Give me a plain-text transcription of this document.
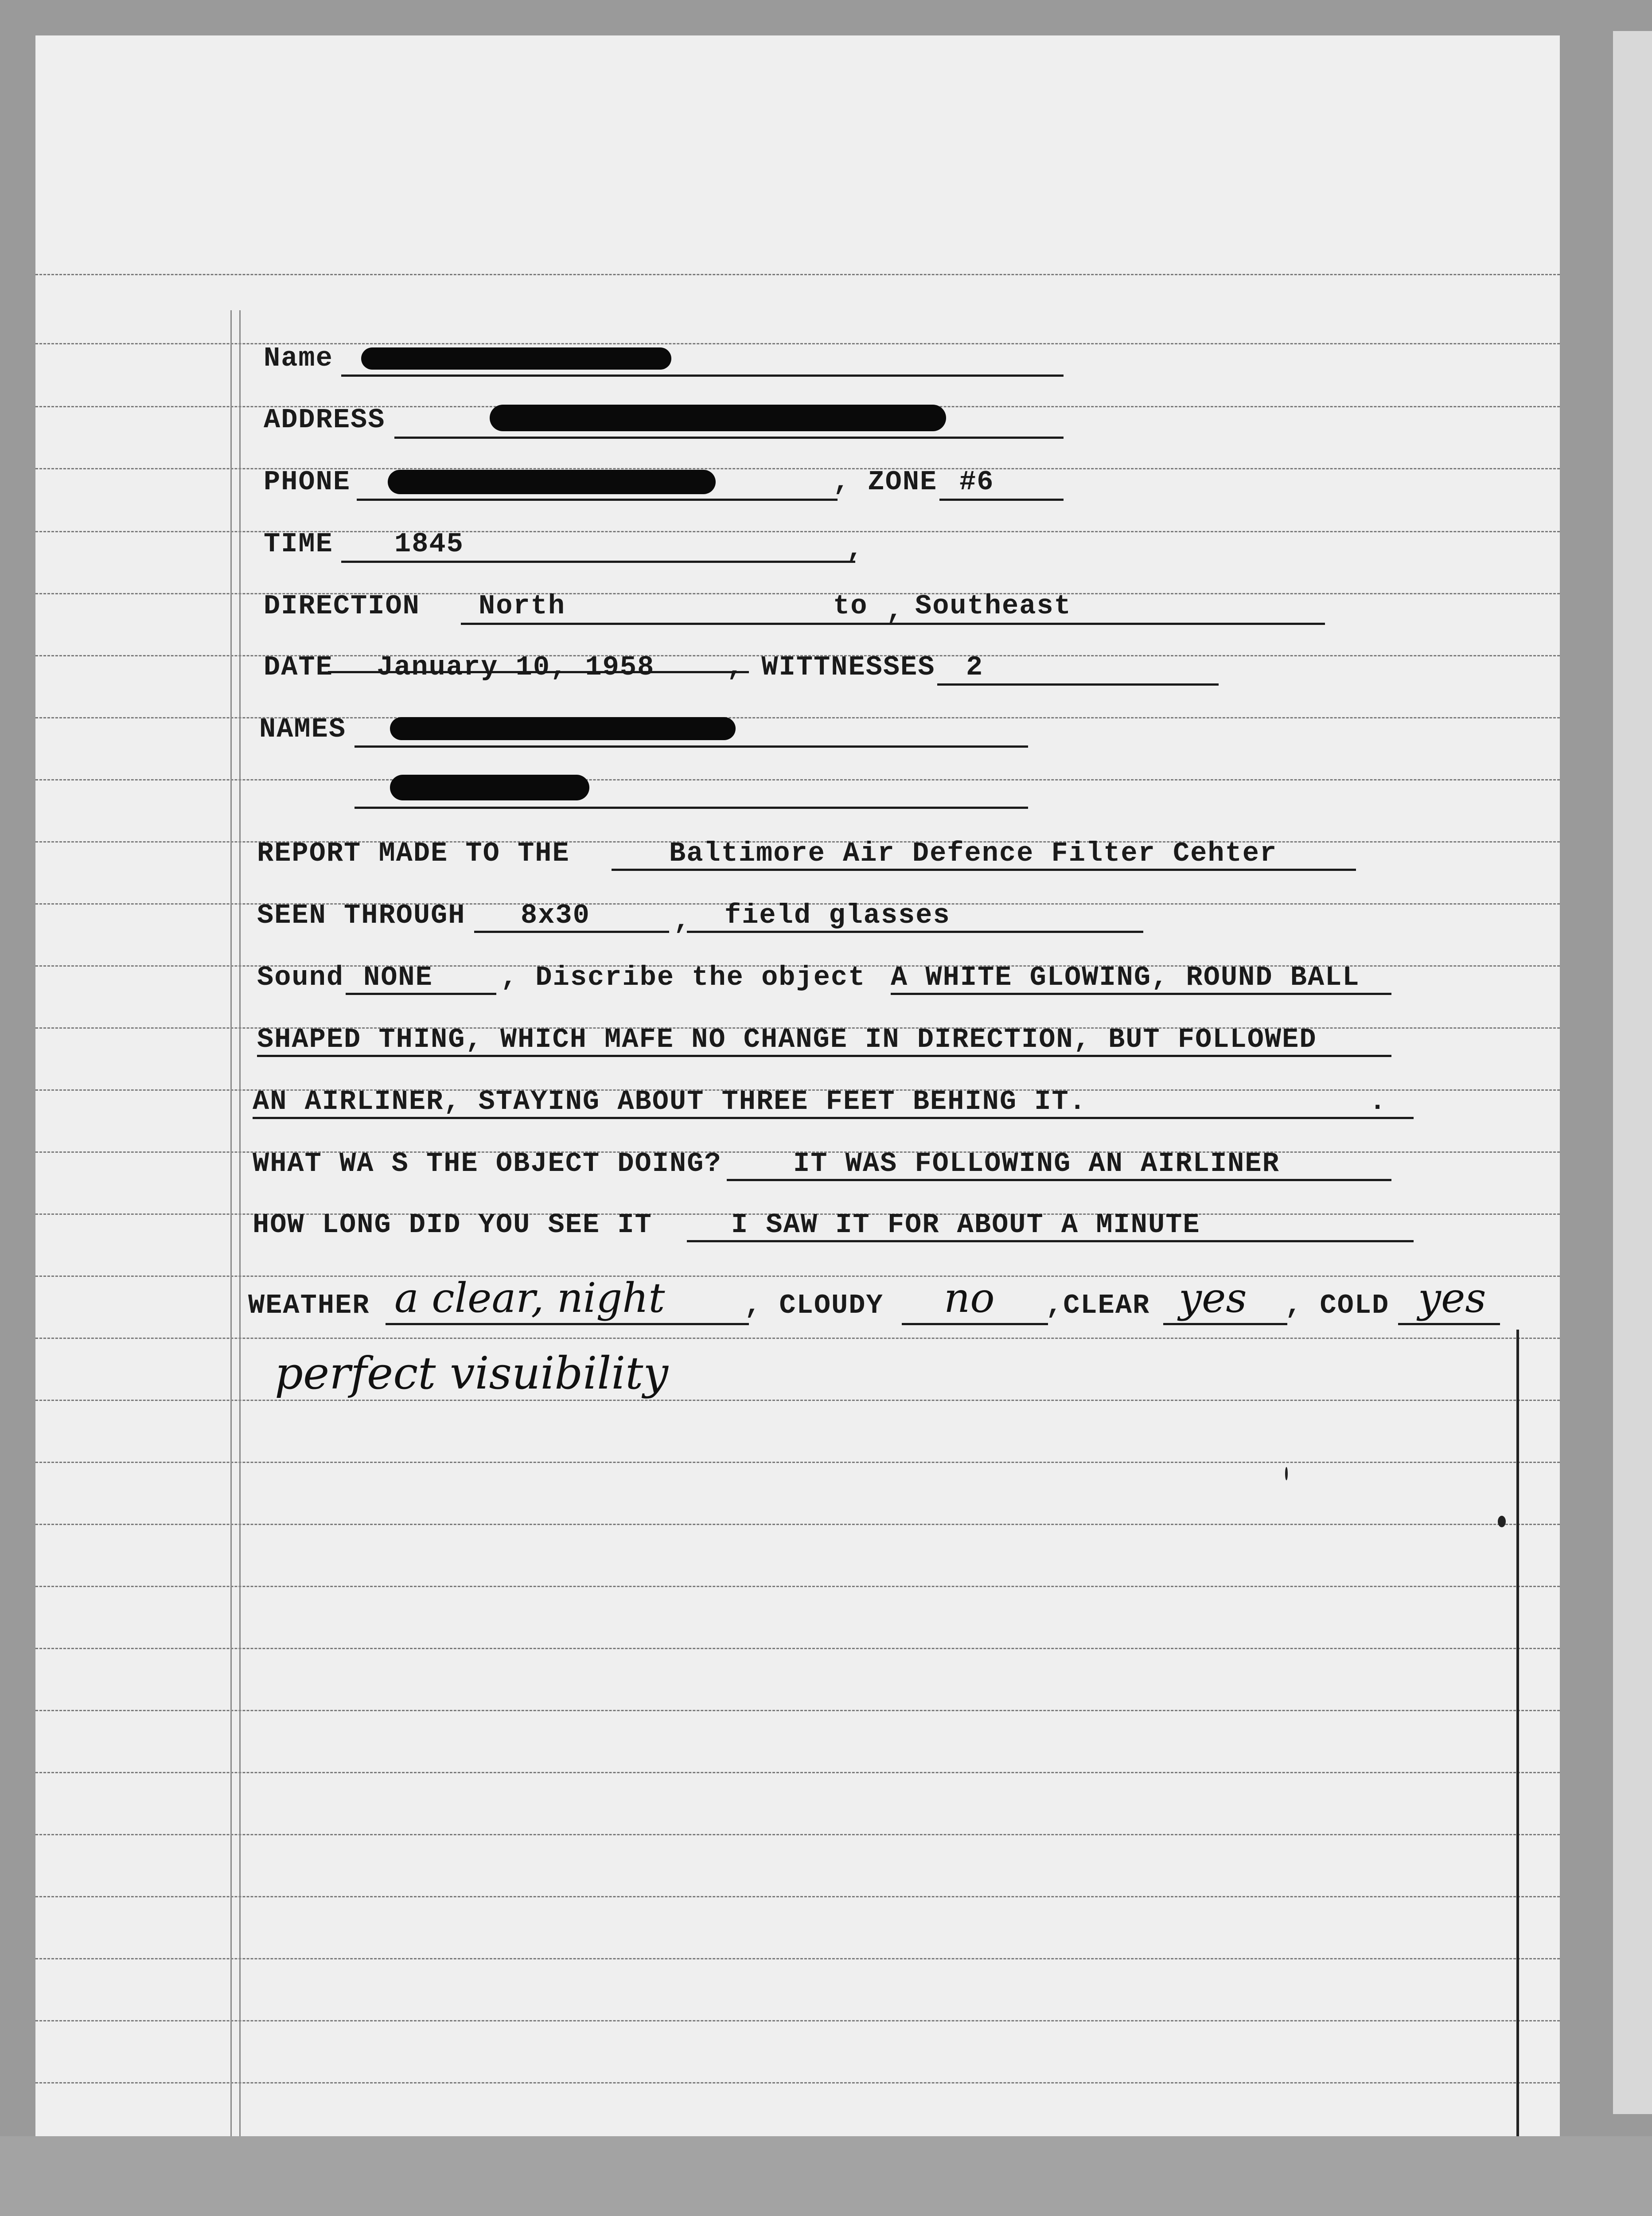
Name
ADDRESS
PHONE	, ZONE #6
TIME 1845	,
DIRECTION North	to , Southeast
DATE January 10, 1958	, WITTNESSES 2
NAMES
REPORT MADE TO THE	Baltimore Air Defence Filter Cehter
SEEN THROUGH 8x30	, field glasses
Sound NONE , Discribe the object A WHITE GLOWING, ROUND BALL
SHAPED THING, WHICH MAFE NO CHANGE IN DIRECTION, BUT FOLLOWED
AN AIRLINER, STAYING ABOUT THREE FEET BEHING IT.	.
WHAT WA S THE OBJECT DOING?	IT WAS FOLLOWING AN AIRLINER
HOW LONG DID YOU SEE IT	I SAW IT FOR ABOUT A MINUTE
WEATHER a clear, night	, CLOUDY no ,CLEAR yes , COLD yes
perfect visuibility
